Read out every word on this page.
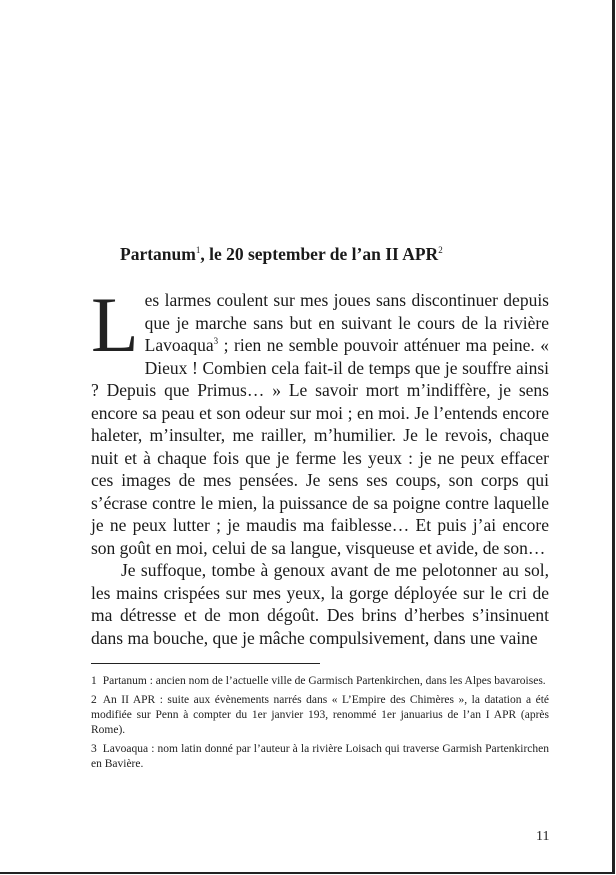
Partanum$^1$, le 20 september de l’an II APR$^2$

Les larmes coulent sur mes joues sans discontinuer depuis que je marche sans but en suivant le cours de la rivière Lavoaqua$^3$ ; rien ne semble pouvoir atténuer ma peine. « Dieux ! Combien cela fait-il de temps que je souffre ainsi ? Depuis que Primus… » Le savoir mort m’indiffère, je sens encore sa peau et son odeur sur moi ; en moi. Je l’entends encore haleter, m’insulter, me railler, m’humilier. Je le revois, chaque nuit et à chaque fois que je ferme les yeux : je ne peux effacer ces images de mes pensées. Je sens ses coups, son corps qui s’écrase contre le mien, la puissance de sa poigne contre laquelle je ne peux lutter ; je maudis ma faiblesse… Et puis j’ai encore son goût en moi, celui de sa langue, visqueuse et avide, de son…

Je suffoque, tombe à genoux avant de me pelotonner au sol, les mains crispées sur mes yeux, la gorge déployée sur le cri de ma détresse et de mon dégoût. Des brins d’herbes s’insinuent dans ma bouche, que je mâche compulsivement, dans une vaine

1 Partanum : ancien nom de l’actuelle ville de Garmisch Partenkirchen, dans les Alpes bavaroises.
2 An II APR : suite aux évènements narrés dans « L’Empire des Chimères », la datation a été modifiée sur Penn à compter du 1er janvier 193, renommé 1er januarius de l’an I APR (après Rome).
3 Lavoaqua : nom latin donné par l’auteur à la rivière Loisach qui traverse Garmish Partenkirchen en Bavière.
11
